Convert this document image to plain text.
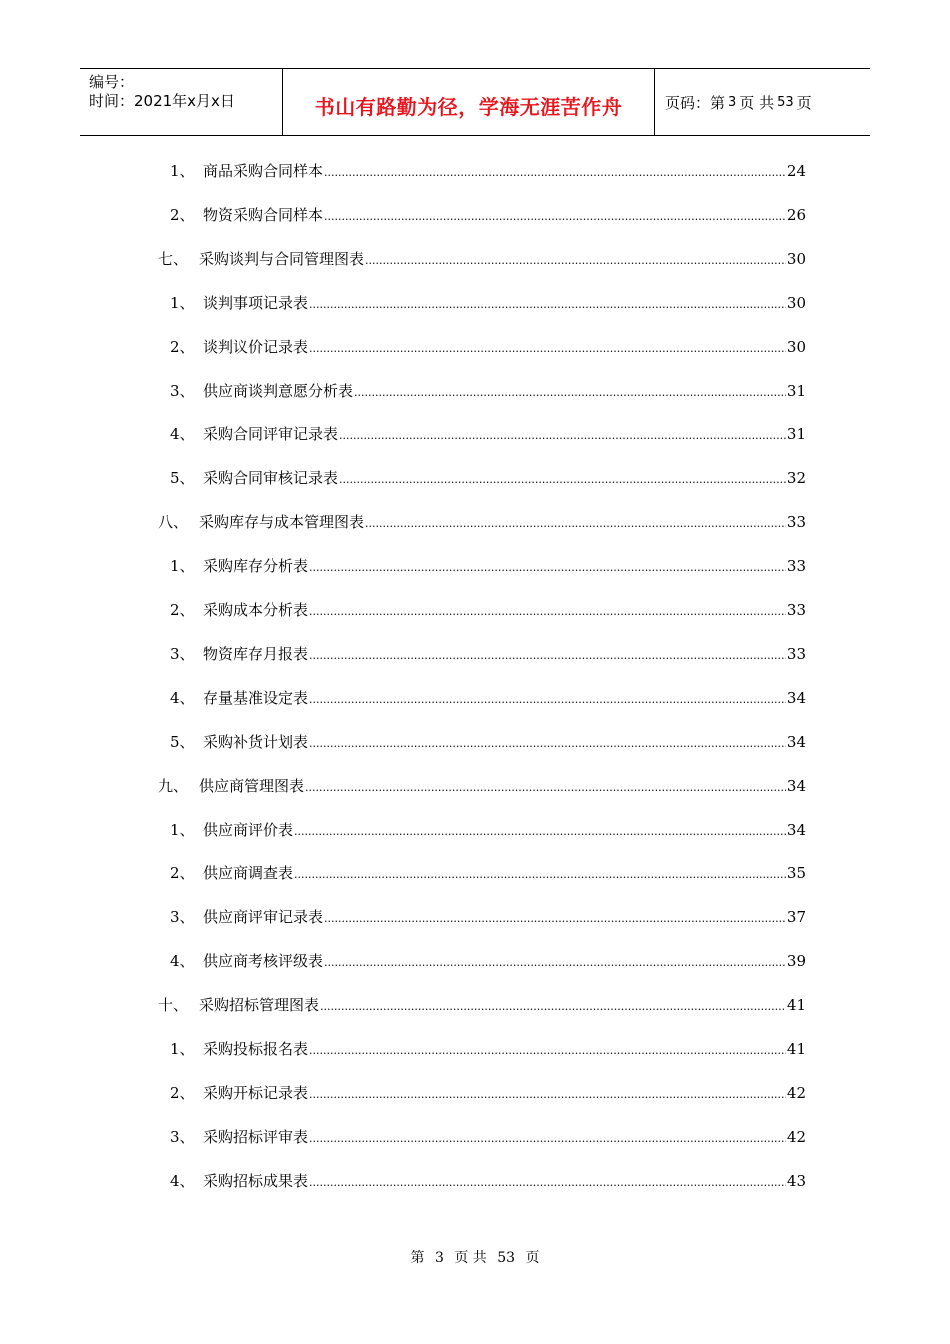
编号：
时间：2021年x月x日	书山有路勤为径，学海无涯苦作舟	页码：第 3 页 共 53 页
1、 商品采购合同样本 .....	24
2、 物资采购合同样本 .....	26
七、 采购谈判与合同管理图表 .....	30
1、 谈判事项记录表 .....	30
2、 谈判议价记录表 .....	30
3、 供应商谈判意愿分析表 .....	31
4、 采购合同评审记录表 .....	31
5、 采购合同审核记录表 .....	32
八、 采购库存与成本管理图表 .....	33
1、 采购库存分析表 .....	33
2、 采购成本分析表 .....	33
3、 物资库存月报表 .....	33
4、 存量基准设定表 .....	34
5、 采购补货计划表 .....	34
九、 供应商管理图表 .....	34
1、 供应商评价表 .....	34
2、 供应商调查表 .....	35
3、 供应商评审记录表 .....	37
4、 供应商考核评级表 .....	39
十、 采购招标管理图表 .....	41
1、 采购投标报名表 .....	41
2、 采购开标记录表 .....	42
3、 采购招标评审表 .....	42
4、 采购招标成果表 .....	43
第 3 页 共 53 页
